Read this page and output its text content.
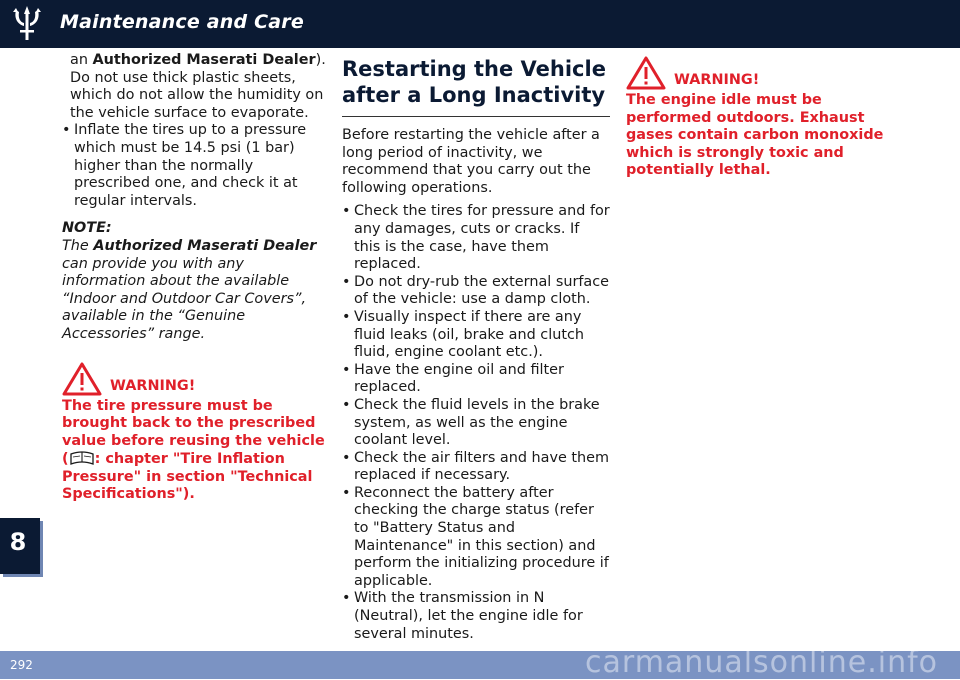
Maintenance and Care
8

an Authorized Maserati Dealer). Do not use thick plastic sheets, which do not allow the humidity on the vehicle surface to evaporate.

• Inflate the tires up to a pressure which must be 14.5 psi (1 bar) higher than the normally prescribed one, and check it at regular intervals.

NOTE:

The Authorized Maserati Dealer can provide you with any information about the available “Indoor and Outdoor Car Covers”, available in the “Genuine Accessories” range.

WARNING!

The tire pressure must be brought back to the prescribed value before reusing the vehicle ( : chapter "Tire Inflation Pressure" in section "Technical Specifications").

Restarting the Vehicle after a Long Inactivity

Before restarting the vehicle after a long period of inactivity, we recommend that you carry out the following operations.

• Check the tires for pressure and for any damages, cuts or cracks. If this is the case, have them replaced.

• Do not dry-rub the external surface of the vehicle: use a damp cloth.

• Visually inspect if there are any fluid leaks (oil, brake and clutch fluid, engine coolant etc.).

• Have the engine oil and filter replaced.

• Check the fluid levels in the brake system, as well as the engine coolant level.

• Check the air filters and have them replaced if necessary.

• Reconnect the battery after checking the charge status (refer to "Battery Status and Maintenance" in this section) and perform the initializing procedure if applicable.

• With the transmission in N (Neutral), let the engine idle for several minutes.

WARNING!

The engine idle must be performed outdoors. Exhaust gases contain carbon monoxide which is strongly toxic and potentially lethal.

292	carmanualsonline.info
